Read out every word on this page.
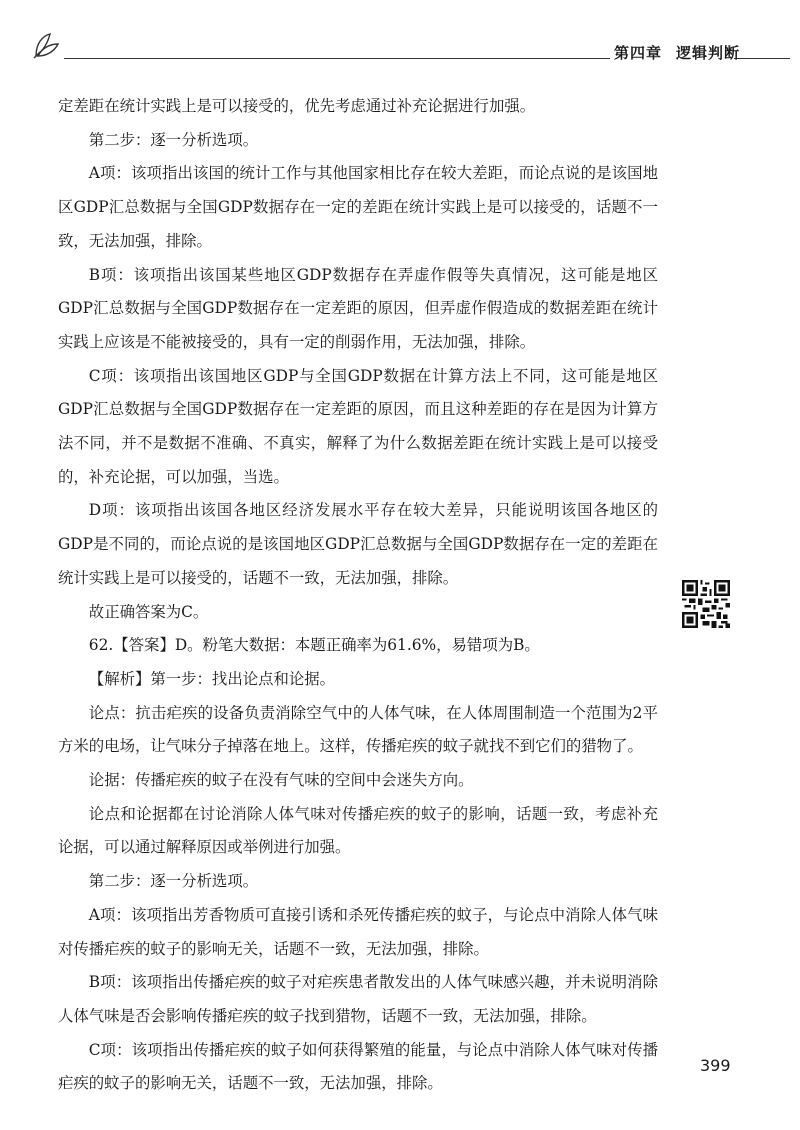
第四章 逻辑判断

定差距在统计实践上是可以接受的，优先考虑通过补充论据进行加强。

第二步：逐一分析选项。

A项：该项指出该国的统计工作与其他国家相比存在较大差距，而论点说的是该国地区GDP汇总数据与全国GDP数据存在一定的差距在统计实践上是可以接受的，话题不一致，无法加强，排除。

B项：该项指出该国某些地区GDP数据存在弄虚作假等失真情况，这可能是地区GDP汇总数据与全国GDP数据存在一定差距的原因，但弄虚作假造成的数据差距在统计实践上应该是不能被接受的，具有一定的削弱作用，无法加强，排除。

C项：该项指出该国地区GDP与全国GDP数据在计算方法上不同，这可能是地区GDP汇总数据与全国GDP数据存在一定差距的原因，而且这种差距的存在是因为计算方法不同，并不是数据不准确、不真实，解释了为什么数据差距在统计实践上是可以接受的，补充论据，可以加强，当选。

D项：该项指出该国各地区经济发展水平存在较大差异，只能说明该国各地区的GDP是不同的，而论点说的是该国地区GDP汇总数据与全国GDP数据存在一定的差距在统计实践上是可以接受的，话题不一致，无法加强，排除。

故正确答案为C。

62.【答案】D。粉笔大数据：本题正确率为61.6%，易错项为B。

【解析】第一步：找出论点和论据。

论点：抗击疟疾的设备负责消除空气中的人体气味，在人体周围制造一个范围为2平方米的电场，让气味分子掉落在地上。这样，传播疟疾的蚊子就找不到它们的猎物了。

论据：传播疟疾的蚊子在没有气味的空间中会迷失方向。

论点和论据都在讨论消除人体气味对传播疟疾的蚊子的影响，话题一致，考虑补充论据，可以通过解释原因或举例进行加强。

第二步：逐一分析选项。

A项：该项指出芳香物质可直接引诱和杀死传播疟疾的蚊子，与论点中消除人体气味对传播疟疾的蚊子的影响无关，话题不一致，无法加强，排除。

B项：该项指出传播疟疾的蚊子对疟疾患者散发出的人体气味感兴趣，并未说明消除人体气味是否会影响传播疟疾的蚊子找到猎物，话题不一致，无法加强，排除。

C项：该项指出传播疟疾的蚊子如何获得繁殖的能量，与论点中消除人体气味对传播疟疾的蚊子的影响无关，话题不一致，无法加强，排除。

399
